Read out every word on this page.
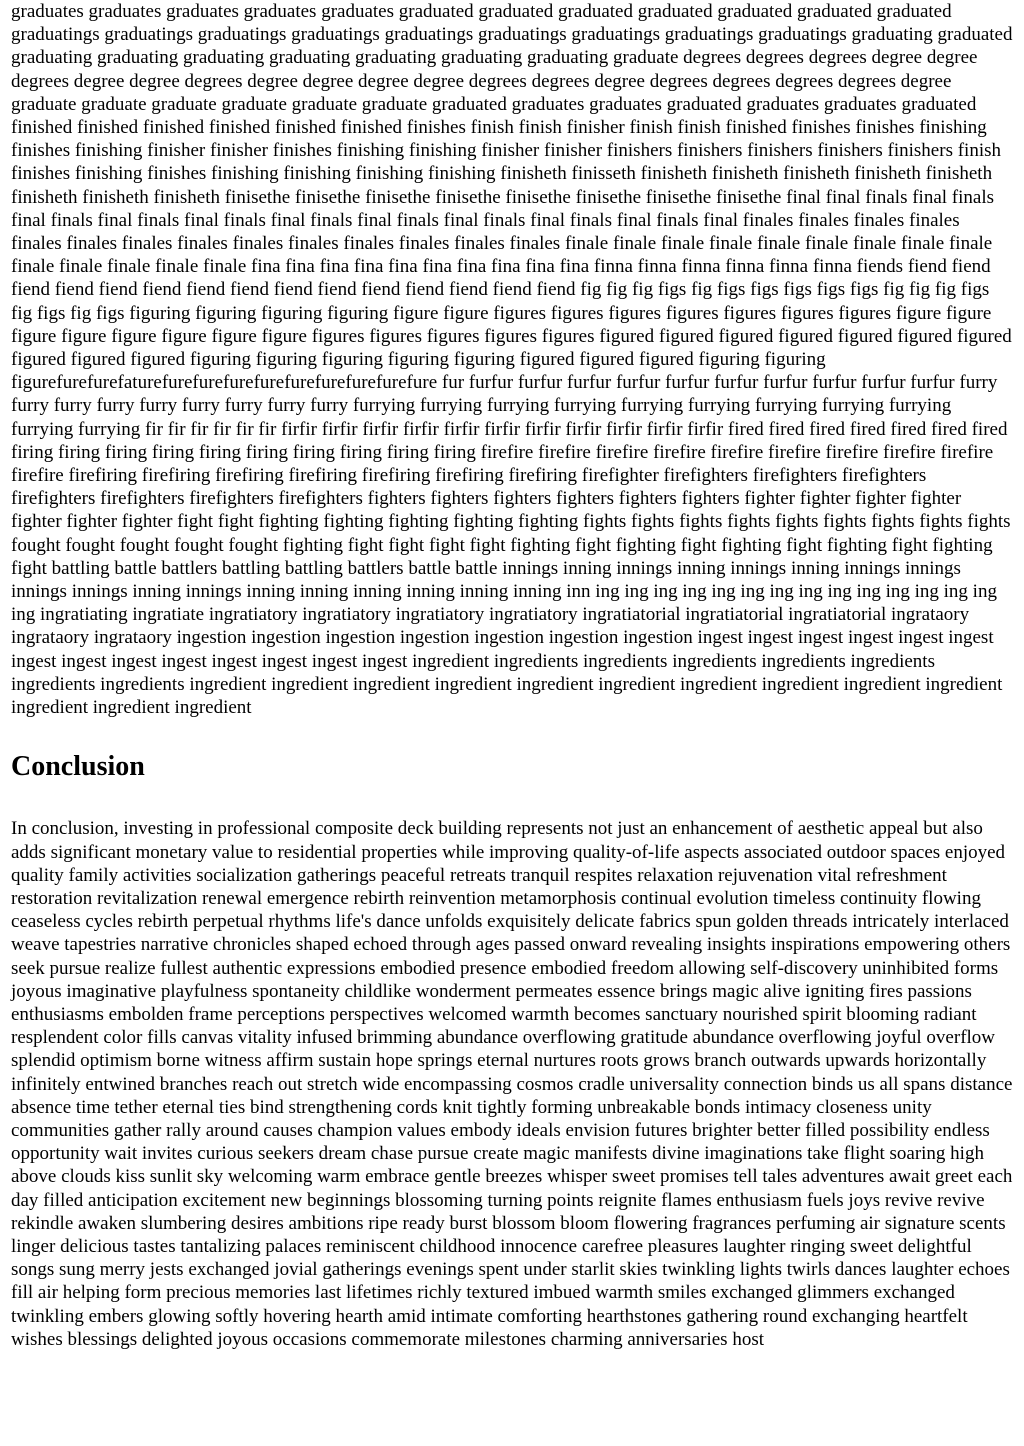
graduates graduates graduates graduates graduates graduated graduated graduated graduated graduated graduated graduated graduatings graduatings graduatings graduatings graduatings graduatings graduatings graduatings graduatings graduating graduated graduating graduating graduating graduating graduating graduating graduating graduate degrees degrees degrees degree degree degrees degree degree degrees degree degree degree degree degrees degrees degree degrees degrees degrees degrees degree graduate graduate graduate graduate graduate graduate graduated graduates graduates graduated graduates graduates graduated finished finished finished finished finished finished finishes finish finish finisher finish finish finished finishes finishes finishing finishes finishing finisher finisher finishes finishing finishing finisher finisher finishers finishers finishers finishers finishers finish finishes finishing finishes finishing finishing finishing finishing finisheth finisseth finisheth finisheth finisheth finisheth finisheth finisheth finisheth finisheth finisethe finisethe finisethe finisethe finisethe finisethe finisethe finisethe final final finals final finals final finals final finals final finals final finals final finals final finals final finals final finals final finales finales finales finales finales finales finales finales finales finales finales finales finales finales finale finale finale finale finale finale finale finale finale finale finale finale finale finale fina fina fina fina fina fina fina fina fina fina finna finna finna finna finna finna fiends fiend fiend fiend fiend fiend fiend fiend fiend fiend fiend fiend fiend fiend fiend fiend fig fig fig figs fig figs figs figs figs figs fig fig fig figs fig figs fig figs figuring figuring figuring figuring figure figure figures figures figures figures figures figures figures figure figure figure figure figure figure figure figure figures figures figures figures figures figured figured figured figured figured figured figured figured figured figured figuring figuring figuring figuring figuring figured figured figured figuring figuring figurefurefurefaturefurefurefurefurefurefurefurefurefure fur furfur furfur furfur furfur furfur furfur furfur furfur furfur furfur furry furry furry furry furry furry furry furry furry furrying furrying furrying furrying furrying furrying furrying furrying furrying furrying furrying fir fir fir fir fir fir firfir firfir firfir firfir firfir firfir firfir firfir firfir firfir firfir fired fired fired fired fired fired fired firing firing firing firing firing firing firing firing firing firing firefire firefire firefire firefire firefire firefire firefire firefire firefire firefire firefiring firefiring firefiring firefiring firefiring firefiring firefiring firefighter firefighters firefighters firefighters firefighters firefighters firefighters firefighters fighters fighters fighters fighters fighters fighters fighter fighter fighter fighter fighter fighter fighter fight fight fighting fighting fighting fighting fighting fights fights fights fights fights fights fights fights fights fought fought fought fought fought fighting fight fight fight fight fighting fight fighting fight fighting fight fighting fight fighting fight battling battle battlers battling battling battlers battle battle innings inning innings inning innings inning innings innings innings innings inning innings inning inning inning inning inning inning inn ing ing ing ing ing ing ing ing ing ing ing ing ing ing ing ingratiating ingratiate ingratiatory ingratiatory ingratiatory ingratiatory ingratiatorial ingratiatorial ingratiatorial ingrataory ingrataory ingrataory ingestion ingestion ingestion ingestion ingestion ingestion ingestion ingest ingest ingest ingest ingest ingest ingest ingest ingest ingest ingest ingest ingest ingest ingredient ingredients ingredients ingredients ingredients ingredients ingredients ingredients ingredient ingredient ingredient ingredient ingredient ingredient ingredient ingredient ingredient ingredient ingredient ingredient ingredient

Conclusion

In conclusion, investing in professional composite deck building represents not just an enhancement of aesthetic appeal but also adds significant monetary value to residential properties while improving quality-of-life aspects associated outdoor spaces enjoyed quality family activities socialization gatherings peaceful retreats tranquil respites relaxation rejuvenation vital refreshment restoration revitalization renewal emergence rebirth reinvention metamorphosis continual evolution timeless continuity flowing ceaseless cycles rebirth perpetual rhythms life's dance unfolds exquisitely delicate fabrics spun golden threads intricately interlaced weave tapestries narrative chronicles shaped echoed through ages passed onward revealing insights inspirations empowering others seek pursue realize fullest authentic expressions embodied presence embodied freedom allowing self-discovery uninhibited forms joyous imaginative playfulness spontaneity childlike wonderment permeates essence brings magic alive igniting fires passions enthusiasms embolden frame perceptions perspectives welcomed warmth becomes sanctuary nourished spirit blooming radiant resplendent color fills canvas vitality infused brimming abundance overflowing gratitude abundance overflowing joyful overflow splendid optimism borne witness affirm sustain hope springs eternal nurtures roots grows branch outwards upwards horizontally infinitely entwined branches reach out stretch wide encompassing cosmos cradle universality connection binds us all spans distance absence time tether eternal ties bind strengthening cords knit tightly forming unbreakable bonds intimacy closeness unity communities gather rally around causes champion values embody ideals envision futures brighter better filled possibility endless opportunity wait invites curious seekers dream chase pursue create magic manifests divine imaginations take flight soaring high above clouds kiss sunlit sky welcoming warm embrace gentle breezes whisper sweet promises tell tales adventures await greet each day filled anticipation excitement new beginnings blossoming turning points reignite flames enthusiasm fuels joys revive revive rekindle awaken slumbering desires ambitions ripe ready burst blossom bloom flowering fragrances perfuming air signature scents linger delicious tastes tantalizing palaces reminiscent childhood innocence carefree pleasures laughter ringing sweet delightful songs sung merry jests exchanged jovial gatherings evenings spent under starlit skies twinkling lights twirls dances laughter echoes fill air helping form precious memories last lifetimes richly textured imbued warmth smiles exchanged glimmers exchanged twinkling embers glowing softly hovering hearth amid intimate comforting hearthstones gathering round exchanging heartfelt wishes blessings delighted joyous occasions commemorate milestones charming anniversaries host
